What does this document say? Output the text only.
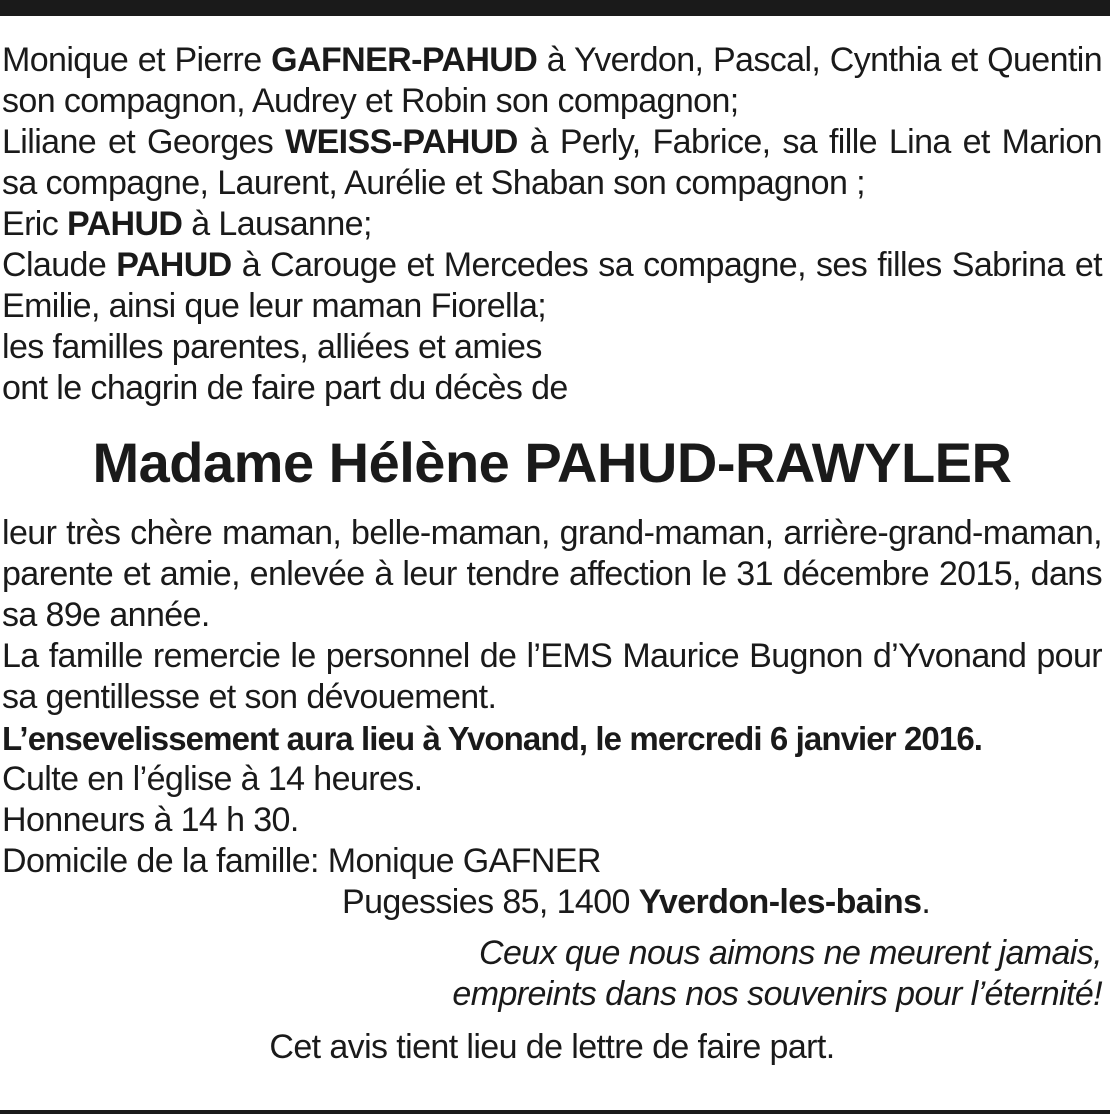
Monique et Pierre GAFNER-PAHUD à Yverdon, Pascal, Cynthia et Quentin son compagnon, Audrey et Robin son compagnon;

Liliane et Georges WEISS-PAHUD à Perly, Fabrice, sa fille Lina et Marion sa compagne, Laurent, Aurélie et Shaban son compagnon ;

Eric PAHUD à Lausanne;

Claude PAHUD à Carouge et Mercedes sa compagne, ses filles Sabrina et Emilie, ainsi que leur maman Fiorella;

les familles parentes, alliées et amies

ont le chagrin de faire part du décès de

Madame Hélène PAHUD-RAWYLER

leur très chère maman, belle-maman, grand-maman, arrière-grand-maman, parente et amie, enlevée à leur tendre affection le 31 décembre 2015, dans sa 89e année.

La famille remercie le personnel de l’EMS Maurice Bugnon d’Yvonand pour sa gentillesse et son dévouement.

L’ensevelissement aura lieu à Yvonand, le mercredi 6 janvier 2016.

Culte en l’église à 14 heures.

Honneurs à 14 h 30.

Domicile de la famille: Monique GAFNER

Pugessies 85, 1400 Yverdon-les-bains.

Ceux que nous aimons ne meurent jamais,
empreints dans nos souvenirs pour l’éternité!

Cet avis tient lieu de lettre de faire part.
